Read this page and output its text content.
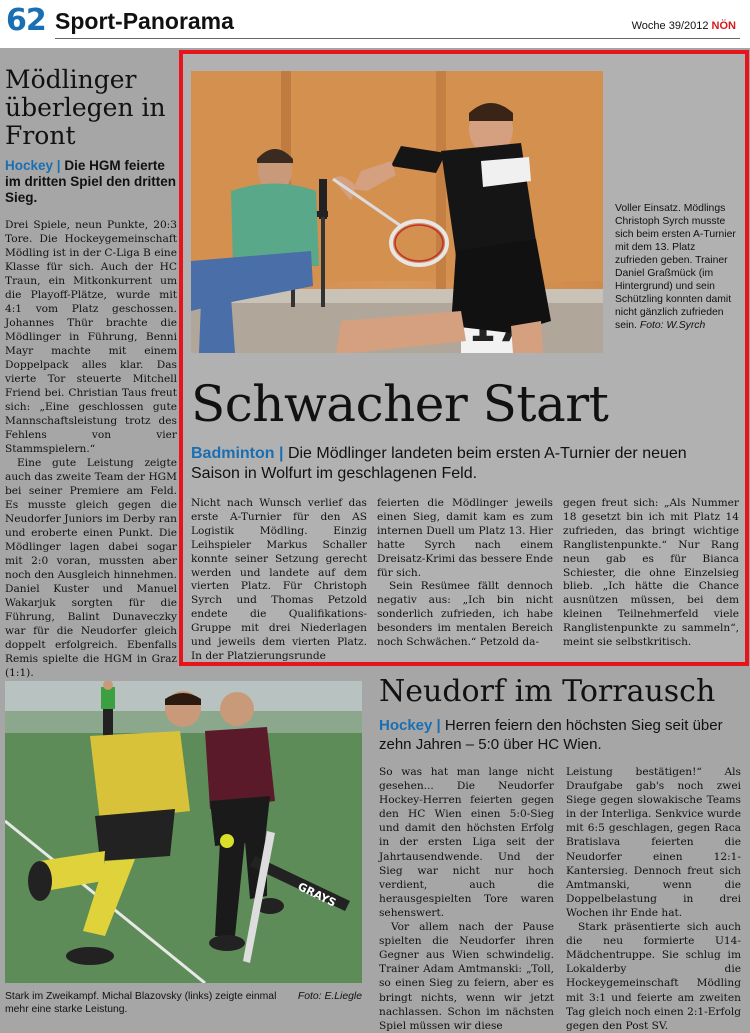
62 Sport-Panorama	Woche 39/2012 NÖN
Mödlinger überlegen in Front
Hockey | Die HGM feierte im dritten Spiel den dritten Sieg.

Drei Spiele, neun Punkte, 20:3 Tore. Die Hockeygemeinschaft Mödling ist in der C-Liga B eine Klasse für sich. Auch der HC Traun, ein Mitkonkurrent um die Playoff-Plätze, wurde mit 4:1 vom Platz geschossen. Johannes Thür brachte die Mödlinger in Führung, Benni Mayr machte mit einem Doppelpack alles klar. Das vierte Tor steuerte Mitchell Friend bei. Christian Taus freut sich: „Eine geschlossen gute Mannschaftsleistung trotz des Fehlens von vier Stammspielern.“

Eine gute Leistung zeigte auch das zweite Team der HGM bei seiner Premiere am Feld. Es musste gleich gegen die Neudorfer Juniors im Derby ran und eroberte einen Punkt. Die Mödlinger lagen dabei sogar mit 2:0 voran, mussten aber noch den Ausgleich hinnehmen. Daniel Kuster und Manuel Wakarjuk sorgten für die Führung, Balint Dunaveczky war für die Neudorfer gleich doppelt erfolgreich. Ebenfalls Remis spielte die HGM in Graz (1:1).

Voller Einsatz. Mödlings Christoph Syrch musste sich beim ersten A-Turnier mit dem 13. Platz zufrieden geben. Trainer Daniel Graßmück (im Hintergrund) und sein Schützling konnten damit nicht gänzlich zufrieden sein. Foto: W.Syrch
Schwacher Start
Badminton | Die Mödlinger landeten beim ersten A-Turnier der neuen Saison in Wolfurt im geschlagenen Feld.

Nicht nach Wunsch verlief das erste A-Turnier für den AS Logistik Mödling. Einzig Leihspieler Markus Schaller konnte seiner Setzung gerecht werden und landete auf dem vierten Platz. Für Christoph Syrch und Thomas Petzold endete die Qualifikations-Gruppe mit drei Niederlagen und jeweils dem vierten Platz. In der Platzierungsrunde

feierten die Mödlinger jeweils einen Sieg, damit kam es zum internen Duell um Platz 13. Hier hatte Syrch nach einem Dreisatz-Krimi das bessere Ende für sich.

Sein Resümee fällt dennoch negativ aus: „Ich bin nicht sonderlich zufrieden, ich habe besonders im mentalen Bereich noch Schwächen.“ Petzold da-

gegen freut sich: „Als Nummer 18 gesetzt bin ich mit Platz 14 zufrieden, das bringt wichtige Ranglistenpunkte.“ Nur Rang neun gab es für Bianca Schiester, die ohne Einzelsieg blieb. „Ich hätte die Chance ausnützen müssen, bei dem kleinen Teilnehmerfeld viele Ranglistenpunkte zu sammeln“, meint sie selbstkritisch.

GRAYS
Foto: E.Liegle
Stark im Zweikampf. Michal Blazovsky (links) zeigte einmal mehr eine starke Leistung.
Neudorf im Torrausch
Hockey | Herren feiern den höchsten Sieg seit über zehn Jahren – 5:0 über HC Wien.

So was hat man lange nicht gesehen... Die Neudorfer Hockey-Herren feierten gegen den HC Wien einen 5:0-Sieg und damit den höchsten Erfolg in der ersten Liga seit der Jahrtausendwende. Und der Sieg war nicht nur hoch verdient, auch die herausgespielten Tore waren sehenswert.

Vor allem nach der Pause spielten die Neudorfer ihren Gegner aus Wien schwindelig. Trainer Adam Amtmanski: „Toll, so einen Sieg zu feiern, aber es bringt nichts, wenn wir jetzt nachlassen. Schon im nächsten Spiel müssen wir diese

Leistung bestätigen!“ Als Draufgabe gab's noch zwei Siege gegen slowakische Teams in der Interliga. Senkvice wurde mit 6:5 geschlagen, gegen Raca Bratislava feierten die Neudorfer einen 12:1-Kantersieg. Dennoch freut sich Amtmanski, wenn die Doppelbelastung in drei Wochen ihr Ende hat.

Stark präsentierte sich auch die neu formierte U14-Mädchentruppe. Sie schlug im Lokalderby die Hockeygemeinschaft Mödling mit 3:1 und feierte am zweiten Tag gleich noch einen 2:1-Erfolg gegen den Post SV.
